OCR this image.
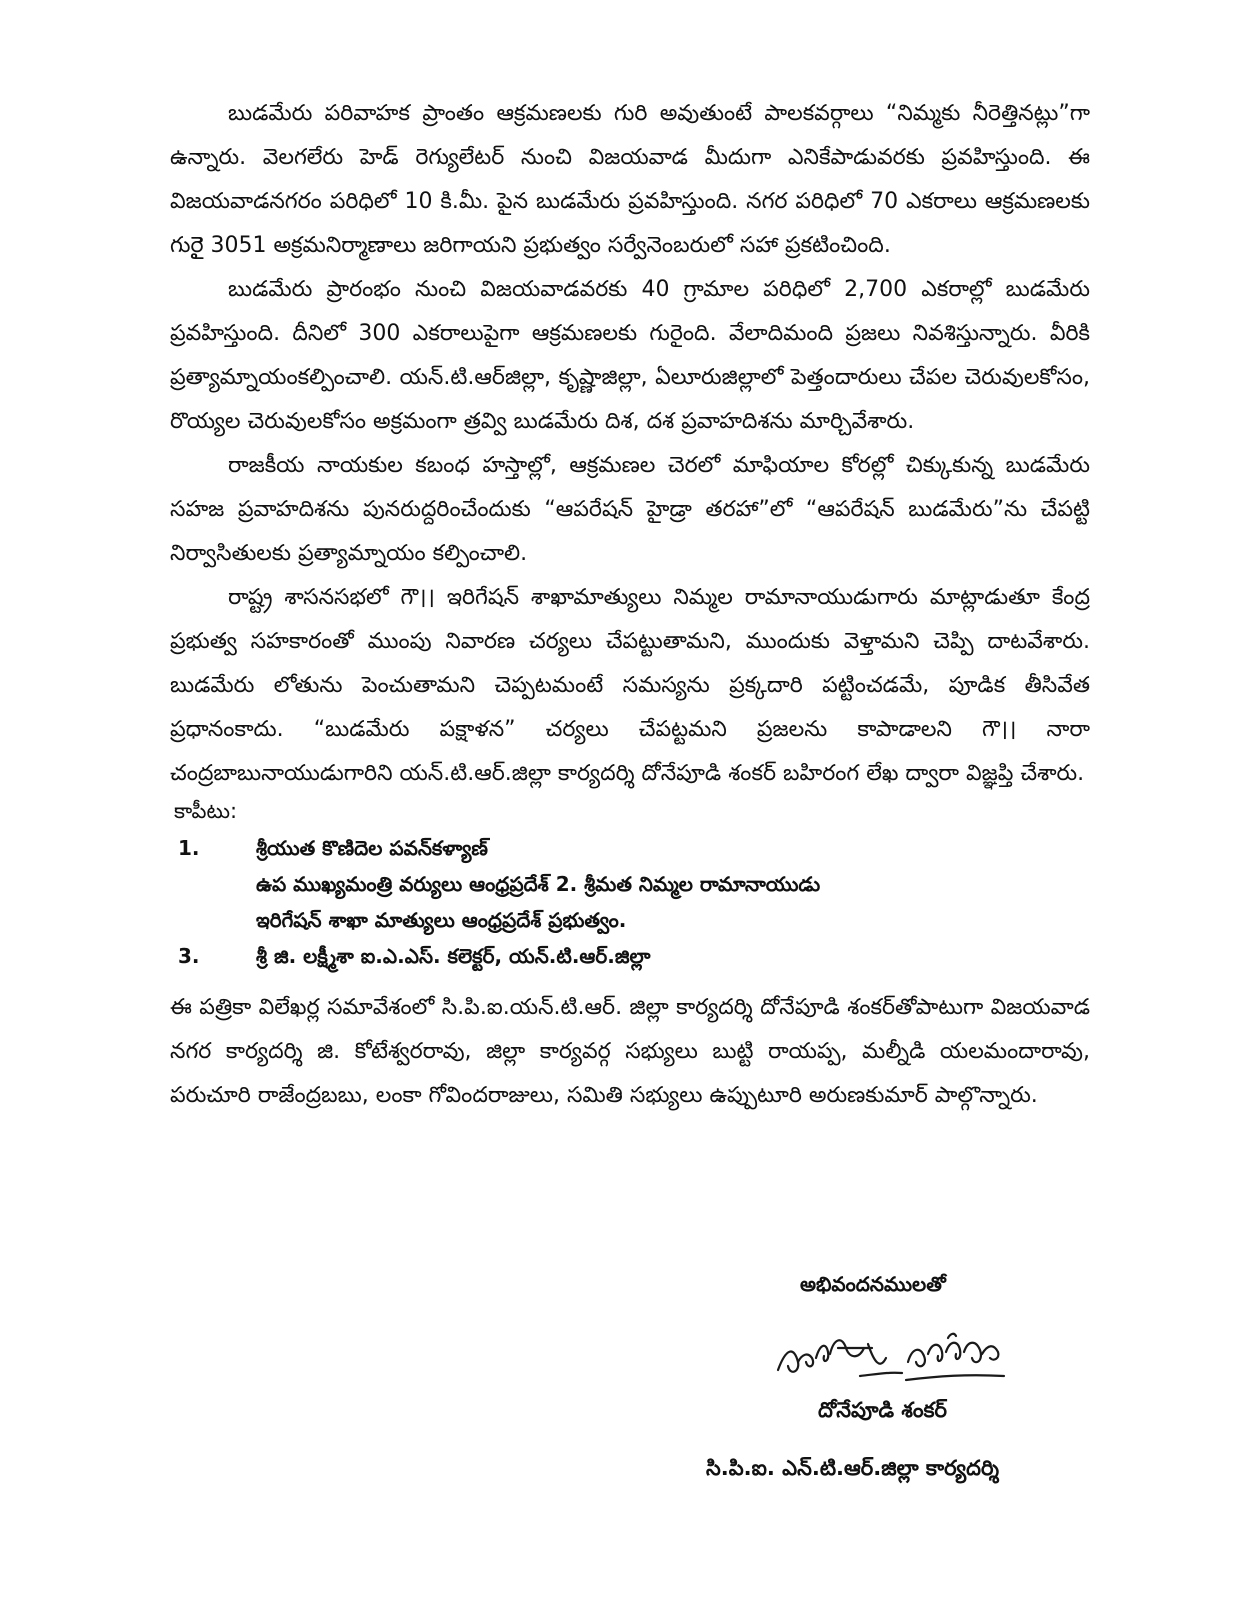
బుడమేరు పరివాహక ప్రాంతం ఆక్రమణలకు గురి అవుతుంటే పాలకవర్గాలు “నిమ్మకు నీరెత్తినట్లు”గా ఉన్నారు. వెలగలేరు హెడ్ రెగ్యులేటర్ నుంచి విజయవాడ మీదుగా ఎనికేపాడువరకు ప్రవహిస్తుంది. ఈ విజయవాడనగరం పరిధిలో 10 కి.మీ. పైన బుడమేరు ప్రవహిస్తుంది. నగర పరిధిలో 70 ఎకరాలు ఆక్రమణలకు గురైై 3051 అక్రమనిర్మాణాలు జరిగాయని ప్రభుత్వం సర్వేనెంబరులో సహా ప్రకటించింది.

బుడమేరు ప్రారంభం నుంచి విజయవాడవరకు 40 గ్రామాల పరిధిలో 2,700 ఎకరాల్లో బుడమేరు ప్రవహిస్తుంది. దీనిలో 300 ఎకరాలుపైగా ఆక్రమణలకు గురైంది. వేలాదిమంది ప్రజలు నివశిస్తున్నారు. వీరికి ప్రత్యామ్నాయంకల్పించాలి. యన్.టి.ఆర్‌జిల్లా, కృష్ణాజిల్లా, ఏలూరుజిల్లాలో పెత్తందారులు చేపల చెరువులకోసం, రొయ్యల చెరువులకోసం అక్రమంగా త్రవ్వి బుడమేరు దిశ, దశ ప్రవాహదిశను మార్చివేశారు.

రాజకీయ నాయకుల కబంధ హస్తాల్లో, ఆక్రమణల చెరలో మాఫియాల కోరల్లో చిక్కుకున్న బుడమేరు సహజ ప్రవాహదిశను పునరుద్దరించేందుకు “ఆపరేషన్ హైడ్రా తరహా”లో “ఆపరేషన్ బుడమేరు”ను చేపట్టి నిర్వాసితులకు ప్రత్యామ్నాయం కల్పించాలి.

రాష్ట్ర శాసనసభలో గౌ।। ఇరిగేషన్ శాఖామాత్యులు నిమ్మల రామానాయుడుగారు మాట్లాడుతూ కేంద్ర ప్రభుత్వ సహకారంతో ముంపు నివారణ చర్యలు చేపట్టుతామని, ముందుకు వెళ్తామని చెప్పి దాటవేశారు. బుడమేరు లోతును పెంచుతామని చెప్పటమంటే సమస్యను ప్రక్కదారి పట్టించడమే, పూడిక తీసివేత ప్రధానంకాదు. “బుడమేరు పక్షాళన” చర్యలు చేపట్టమని ప్రజలను కాపాడాలని గౌ।। నారా చంద్రబాబునాయుడుగారిని యన్.టి.ఆర్.జిల్లా కార్యదర్శి దోనేపూడి శంకర్ బహిరంగ లేఖ ద్వారా విజ్ఞప్తి చేశారు.

కాపీటు:

1.	శ్రీయుత కొణిదెల పవన్‌కళ్యాణ్
ఉప ముఖ్యమంత్రి వర్యులు ఆంధ్రప్రదేశ్ 2. శ్రీమత నిమ్మల రామానాయుడు
ఇరిగేషన్ శాఖా మాత్యులు ఆంధ్రప్రదేశ్ ప్రభుత్వం.
3.	శ్రీ జి. లక్ష్మీశా ఐ.ఎ.ఎస్. కలెక్టర్, యన్.టి.ఆర్.జిల్లా

ఈ పత్రికా విలేఖర్ల సమావేశంలో సి.పి.ఐ.యన్.టి.ఆర్. జిల్లా కార్యదర్శి దోనేపూడి శంకర్‌తోపాటుగా విజయవాడ నగర కార్యదర్శి జి. కోటేశ్వరరావు, జిల్లా కార్యవర్గ సభ్యులు బుట్టి రాయప్ప, మల్నీడి యలమందారావు, పరుచూరి రాజేంద్రబబు, లంకా గోవిందరాజులు, సమితి సభ్యులు ఉప్పుటూరి అరుణకుమార్ పాల్గొన్నారు.

అభివందనములతో
దోనేపూడి శంకర్
సి.పి.ఐ. ఎన్.టి.ఆర్.జిల్లా కార్యదర్శి
